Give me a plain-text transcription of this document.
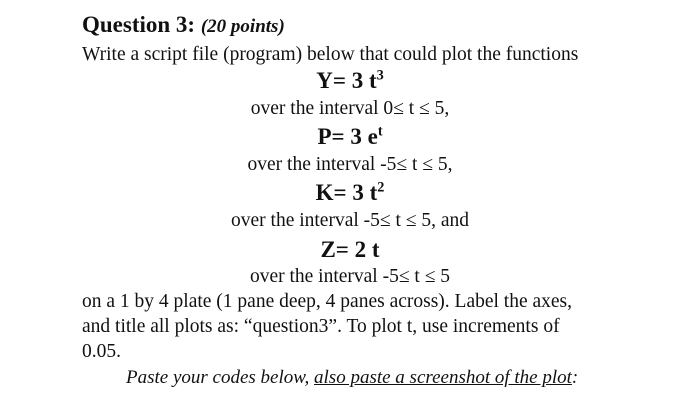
Question 3: (20 points)
Write a script file (program) below that could plot the functions
Y= 3 $t^3$
over the interval 0≤ t ≤ 5,
P= 3 $e^t$
over the interval -5≤ t ≤ 5,
K= 3 $t^2$
over the interval -5≤ t ≤ 5, and
Z= 2 t
over the interval -5≤ t ≤ 5
on a 1 by 4 plate (1 pane deep, 4 panes across). Label the axes,
and title all plots as: “question3”. To plot t, use increments of
0.05.
Paste your codes below, also paste a screenshot of the plot:
